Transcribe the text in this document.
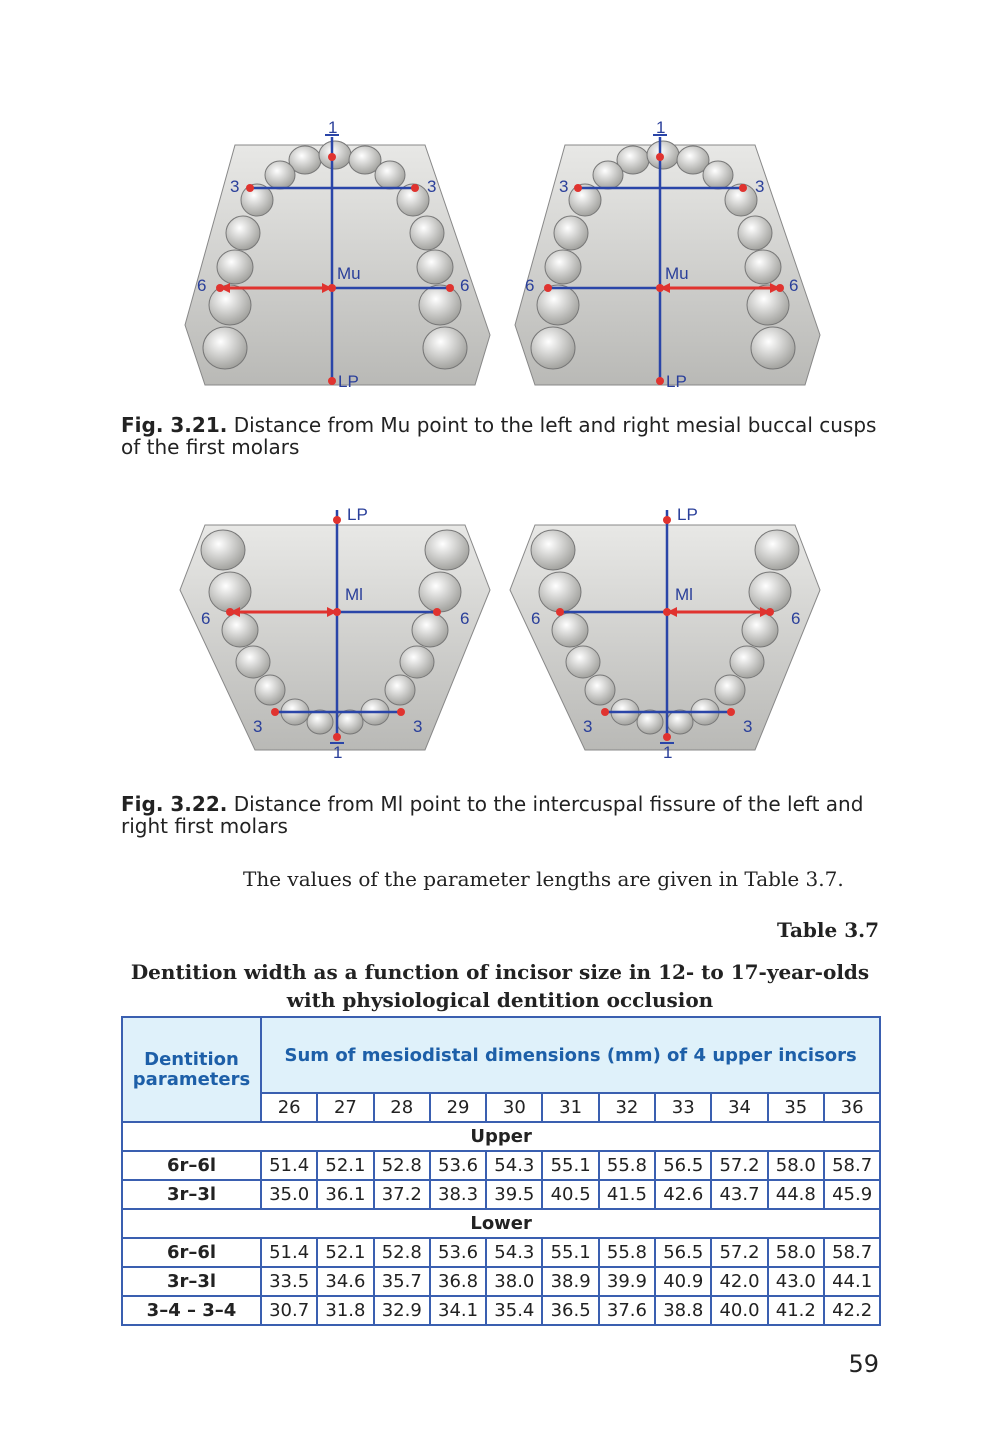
1
3	3
6	6
Mu
LP
1
3	3
6	6
Mu
LP
Fig. 3.21. Distance from Mu point to the left and right mesial buccal cusps of the first molars
LP
Ml
6	6
3	3
1
LP
Ml
6	6
3	3
1
Fig. 3.22. Distance from Ml point to the intercuspal fissure of the left and right first molars
The values of the parameter lengths are given in Table 3.7.
Table 3.7
Dentition width as a function of incisor size in 12- to 17-year-olds
with physiological dentition occlusion
Dentition parameters	Sum of mesiodistal dimensions (mm) of 4 upper incisors										
	26	27	28	29	30	31	32	33	34	35	36
Upper											
6r–6l	51.4	52.1	52.8	53.6	54.3	55.1	55.8	56.5	57.2	58.0	58.7
3r–3l	35.0	36.1	37.2	38.3	39.5	40.5	41.5	42.6	43.7	44.8	45.9
Lower											
6r–6l	51.4	52.1	52.8	53.6	54.3	55.1	55.8	56.5	57.2	58.0	58.7
3r–3l	33.5	34.6	35.7	36.8	38.0	38.9	39.9	40.9	42.0	43.0	44.1
3–4 – 3–4	30.7	31.8	32.9	34.1	35.4	36.5	37.6	38.8	40.0	41.2	42.2
59
